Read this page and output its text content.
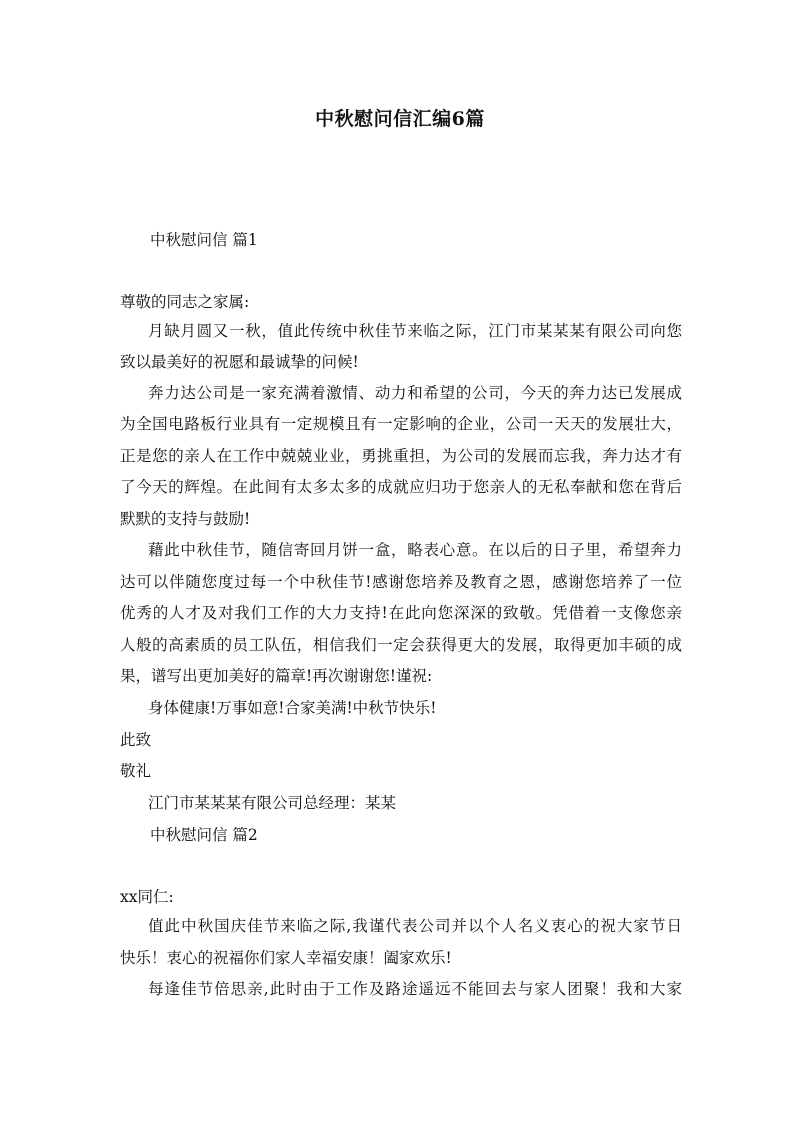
中秋慰问信汇编6篇
中秋慰问信 篇1
尊敬的同志之家属:
月缺月圆又一秋，值此传统中秋佳节来临之际，江门市某某某有限公司向您
致以最美好的祝愿和最诚挚的问候!
奔力达公司是一家充满着激情、动力和希望的公司，今天的奔力达已发展成
为全国电路板行业具有一定规模且有一定影响的企业，公司一天天的发展壮大，
正是您的亲人在工作中兢兢业业，勇挑重担，为公司的发展而忘我，奔力达才有
了今天的辉煌。在此间有太多太多的成就应归功于您亲人的无私奉献和您在背后
默默的支持与鼓励!
藉此中秋佳节，随信寄回月饼一盒，略表心意。在以后的日子里，希望奔力
达可以伴随您度过每一个中秋佳节!感谢您培养及教育之恩，感谢您培养了一位
优秀的人才及对我们工作的大力支持!在此向您深深的致敬。凭借着一支像您亲
人般的高素质的员工队伍，相信我们一定会获得更大的发展，取得更加丰硕的成
果，谱写出更加美好的篇章!再次谢谢您!谨祝:
身体健康!万事如意!合家美满!中秋节快乐!
此致
敬礼
江门市某某某有限公司总经理：某某
中秋慰问信 篇2
xx同仁:
值此中秋国庆佳节来临之际,我谨代表公司并以个人名义衷心的祝大家节日
快乐！衷心的祝福你们家人幸福安康！阖家欢乐!
每逢佳节倍思亲,此时由于工作及路途遥远不能回去与家人团聚！我和大家
